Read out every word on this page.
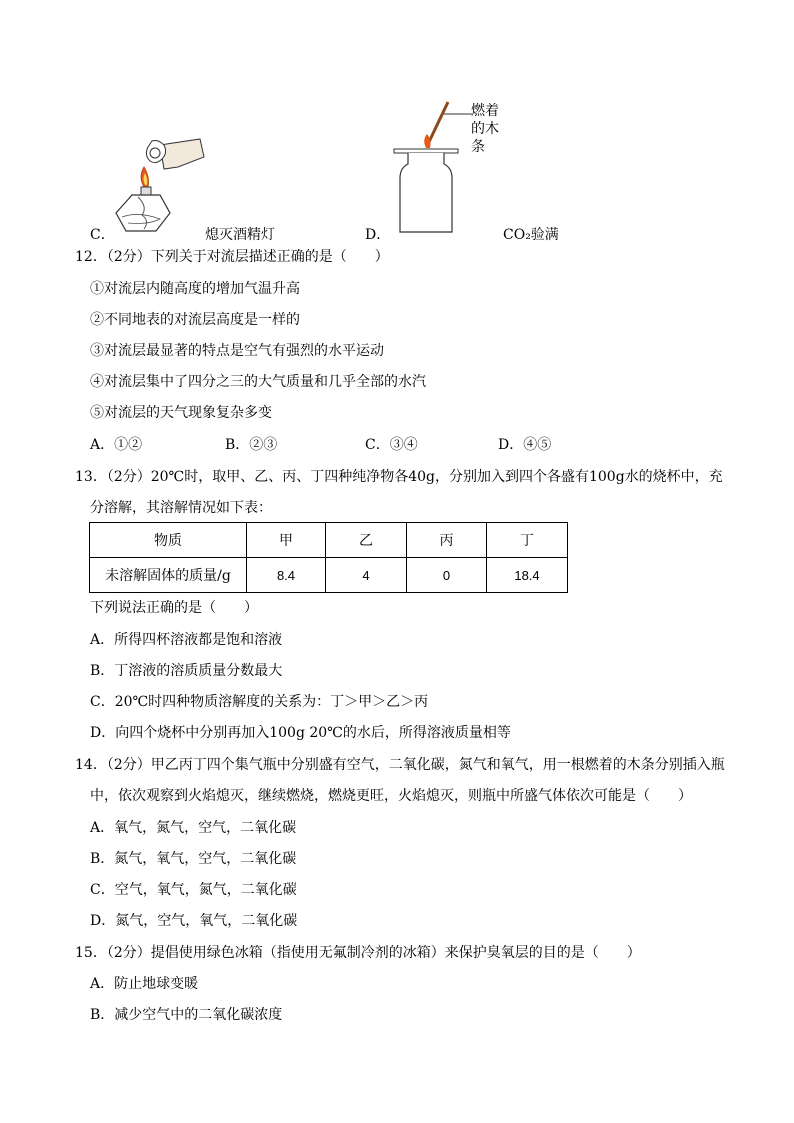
C．	熄灭酒精灯	D．
燃着
的木
条
CO₂验满
12．（2分）下列关于对流层描述正确的是（　　）
①对流层内随高度的增加气温升高
②不同地表的对流层高度是一样的
③对流层最显著的特点是空气有强烈的水平运动
④对流层集中了四分之三的大气质量和几乎全部的水汽
⑤对流层的天气现象复杂多变
A．①②	B．②③	C．③④	D．④⑤
13．（2分）20℃时，取甲、乙、丙、丁四种纯净物各40g，分别加入到四个各盛有100g水的烧杯中，充
分溶解，其溶解情况如下表：
物质	甲	乙	丙	丁
未溶解固体的质量/g	8.4	4	0	18.4
下列说法正确的是（　　）
A．所得四杯溶液都是饱和溶液
B．丁溶液的溶质质量分数最大
C．20℃时四种物质溶解度的关系为：丁＞甲＞乙＞丙
D．向四个烧杯中分别再加入100g 20℃的水后，所得溶液质量相等
14．（2分）甲乙丙丁四个集气瓶中分别盛有空气，二氧化碳，氮气和氧气，用一根燃着的木条分别插入瓶
中，依次观察到火焰熄灭，继续燃烧，燃烧更旺，火焰熄灭，则瓶中所盛气体依次可能是（　　）
A．氧气，氮气，空气，二氧化碳
B．氮气，氧气，空气，二氧化碳
C．空气，氧气，氮气，二氧化碳
D．氮气，空气，氧气，二氧化碳
15．（2分）提倡使用绿色冰箱（指使用无氟制冷剂的冰箱）来保护臭氧层的目的是（　　）
A．防止地球变暖
B．减少空气中的二氧化碳浓度
